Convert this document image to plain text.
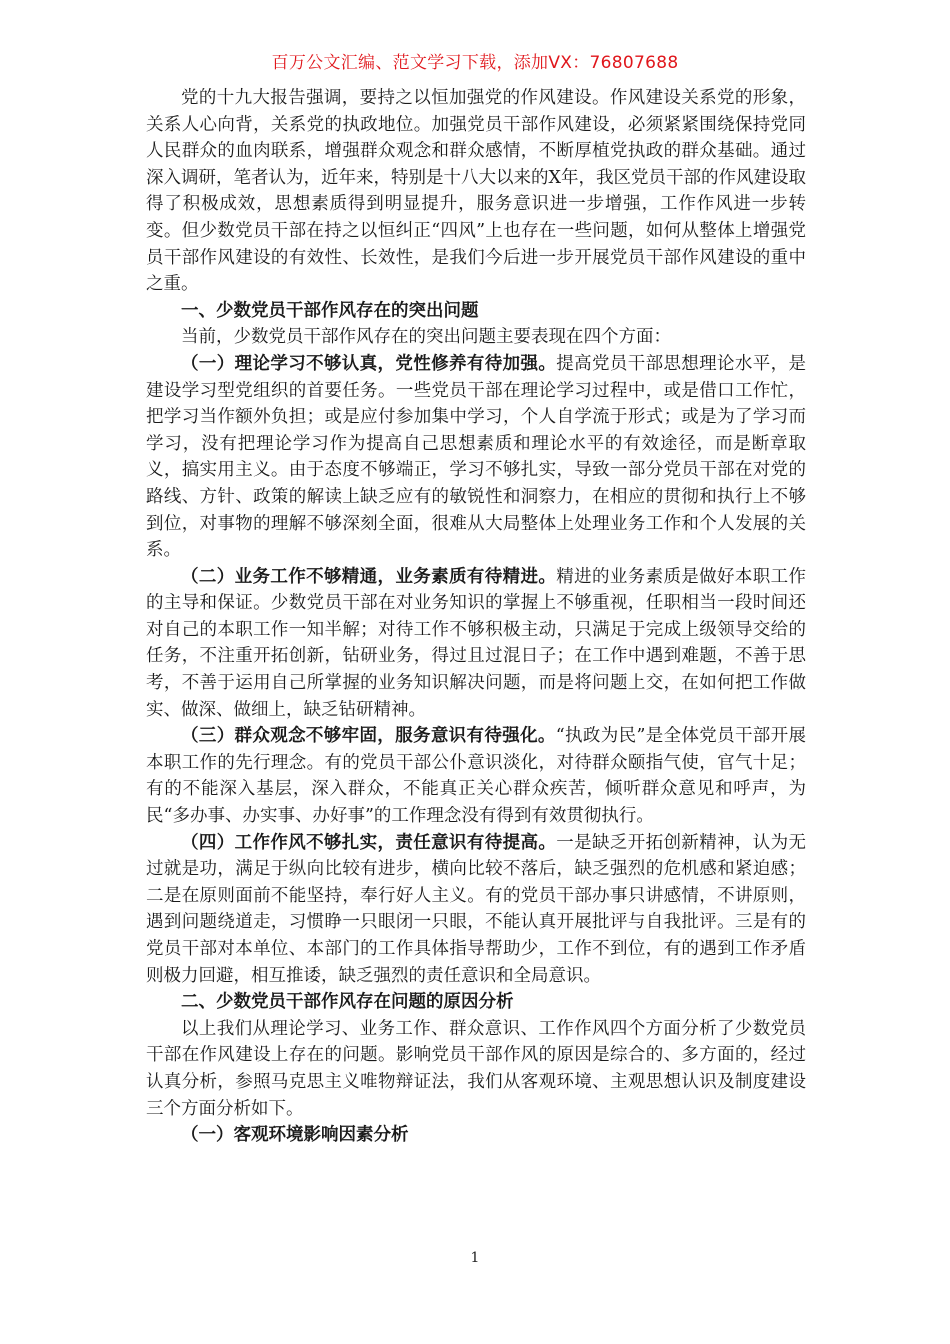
百万公文汇编、范文学习下载，添加VX：76807688

党的十九大报告强调，要持之以恒加强党的作风建设。作风建设关系党的形象，关系人心向背，关系党的执政地位。加强党员干部作风建设，必须紧紧围绕保持党同人民群众的血肉联系，增强群众观念和群众感情，不断厚植党执政的群众基础。通过深入调研，笔者认为，近年来，特别是十八大以来的X年，我区党员干部的作风建设取得了积极成效，思想素质得到明显提升，服务意识进一步增强，工作作风进一步转变。但少数党员干部在持之以恒纠正“四风”上也存在一些问题，如何从整体上增强党员干部作风建设的有效性、长效性，是我们今后进一步开展党员干部作风建设的重中之重。

一、少数党员干部作风存在的突出问题

当前，少数党员干部作风存在的突出问题主要表现在四个方面：

（一）理论学习不够认真，党性修养有待加强。提高党员干部思想理论水平，是建设学习型党组织的首要任务。一些党员干部在理论学习过程中，或是借口工作忙，把学习当作额外负担；或是应付参加集中学习，个人自学流于形式；或是为了学习而学习，没有把理论学习作为提高自己思想素质和理论水平的有效途径，而是断章取义，搞实用主义。由于态度不够端正，学习不够扎实，导致一部分党员干部在对党的路线、方针、政策的解读上缺乏应有的敏锐性和洞察力，在相应的贯彻和执行上不够到位，对事物的理解不够深刻全面，很难从大局整体上处理业务工作和个人发展的关系。

（二）业务工作不够精通，业务素质有待精进。精进的业务素质是做好本职工作的主导和保证。少数党员干部在对业务知识的掌握上不够重视，任职相当一段时间还对自己的本职工作一知半解；对待工作不够积极主动，只满足于完成上级领导交给的任务，不注重开拓创新，钻研业务，得过且过混日子；在工作中遇到难题，不善于思考，不善于运用自己所掌握的业务知识解决问题，而是将问题上交，在如何把工作做实、做深、做细上，缺乏钻研精神。

（三）群众观念不够牢固，服务意识有待强化。“执政为民”是全体党员干部开展本职工作的先行理念。有的党员干部公仆意识淡化，对待群众颐指气使，官气十足；有的不能深入基层，深入群众，不能真正关心群众疾苦，倾听群众意见和呼声，为民“多办事、办实事、办好事”的工作理念没有得到有效贯彻执行。

（四）工作作风不够扎实，责任意识有待提高。一是缺乏开拓创新精神，认为无过就是功，满足于纵向比较有进步，横向比较不落后，缺乏强烈的危机感和紧迫感；二是在原则面前不能坚持，奉行好人主义。有的党员干部办事只讲感情，不讲原则，遇到问题绕道走，习惯睁一只眼闭一只眼，不能认真开展批评与自我批评。三是有的党员干部对本单位、本部门的工作具体指导帮助少，工作不到位，有的遇到工作矛盾则极力回避，相互推诿，缺乏强烈的责任意识和全局意识。

二、少数党员干部作风存在问题的原因分析

以上我们从理论学习、业务工作、群众意识、工作作风四个方面分析了少数党员干部在作风建设上存在的问题。影响党员干部作风的原因是综合的、多方面的，经过认真分析，参照马克思主义唯物辩证法，我们从客观环境、主观思想认识及制度建设三个方面分析如下。

（一）客观环境影响因素分析

1
